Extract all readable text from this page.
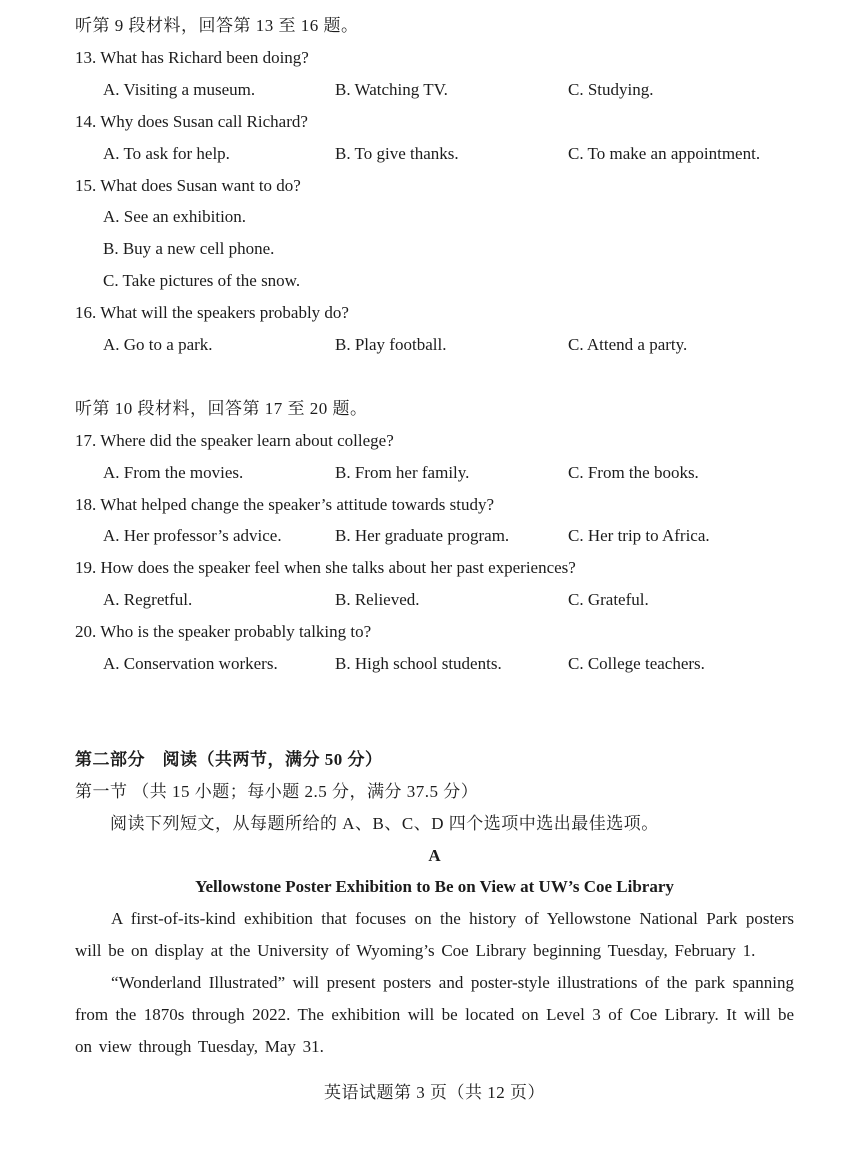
听第 9 段材料，回答第 13 至 16 题。
13. What has Richard been doing?
A. Visiting a museum.	B. Watching TV.	C. Studying.
14. Why does Susan call Richard?
A. To ask for help.	B. To give thanks.	C. To make an appointment.
15. What does Susan want to do?
A. See an exhibition.
B. Buy a new cell phone.
C. Take pictures of the snow.
16. What will the speakers probably do?
A. Go to a park.	B. Play football.	C. Attend a party.
听第 10 段材料，回答第 17 至 20 题。
17. Where did the speaker learn about college?
A. From the movies.	B. From her family.	C. From the books.
18. What helped change the speaker’s attitude towards study?
A. Her professor’s advice.	B. Her graduate program.	C. Her trip to Africa.
19. How does the speaker feel when she talks about her past experiences?
A. Regretful.	B. Relieved.	C. Grateful.
20. Who is the speaker probably talking to?
A. Conservation workers.	B. High school students.	C. College teachers.
第二部分　阅读（共两节，满分 50 分）
第一节 （共 15 小题；每小题 2.5 分，满分 37.5 分）
阅读下列短文，从每题所给的 A、B、C、D 四个选项中选出最佳选项。
A
Yellowstone Poster Exhibition to Be on View at UW’s Coe Library

A first-of-its-kind exhibition that focuses on the history of Yellowstone National Park posters will be on display at the University of Wyoming’s Coe Library beginning Tuesday, February 1.

“Wonderland Illustrated” will present posters and poster-style illustrations of the park spanning from the 1870s through 2022. The exhibition will be located on Level 3 of Coe Library. It will be on view through Tuesday, May 31.

英语试题第 3 页（共 12 页）
